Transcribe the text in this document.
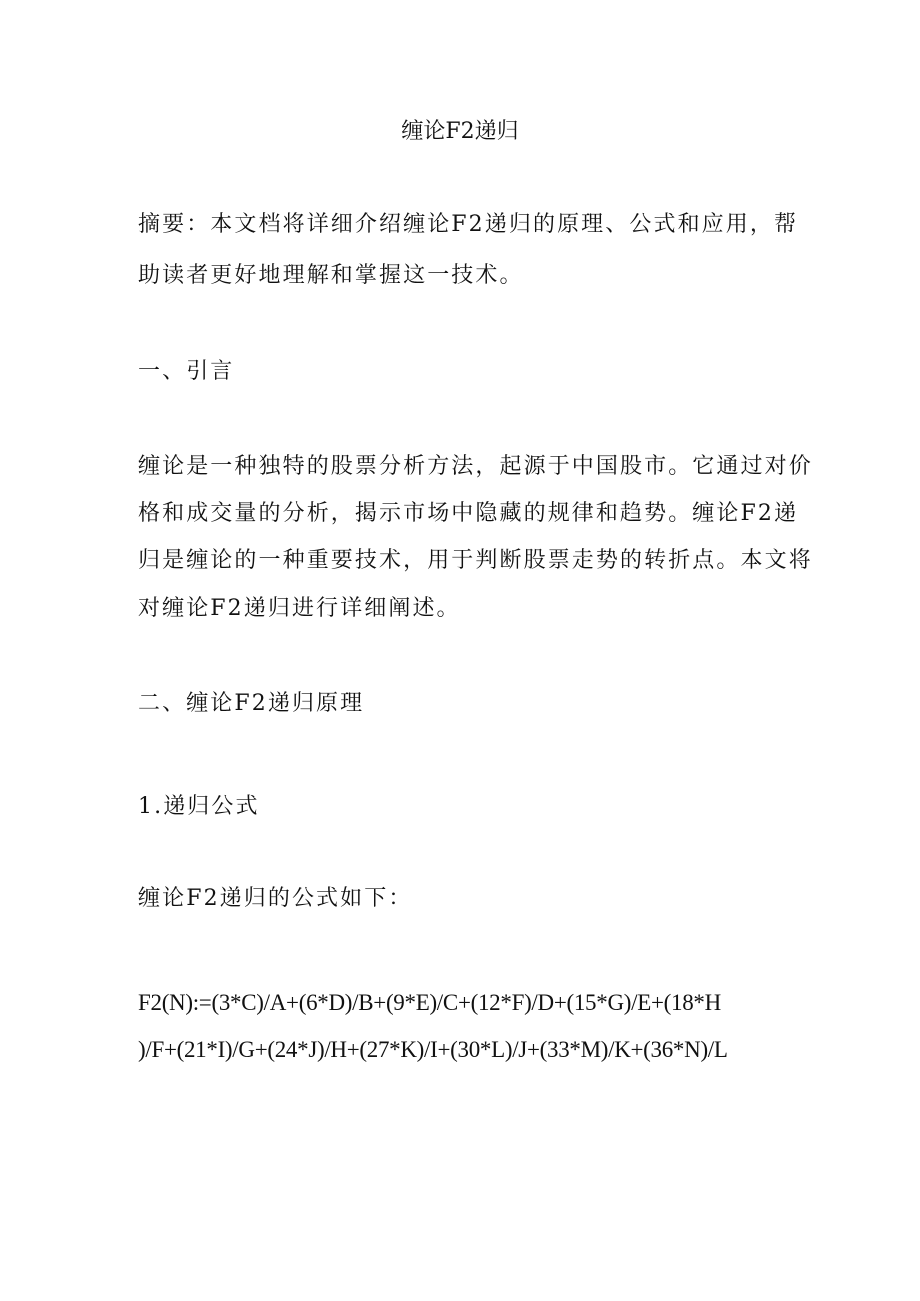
缠论F2递归
摘要：本文档将详细介绍缠论F2递归的原理、公式和应用，帮
助读者更好地理解和掌握这一技术。
一、引言
缠论是一种独特的股票分析方法，起源于中国股市。它通过对价
格和成交量的分析，揭示市场中隐藏的规律和趋势。缠论F2递
归是缠论的一种重要技术，用于判断股票走势的转折点。本文将
对缠论F2递归进行详细阐述。
二、缠论F2递归原理
1.递归公式
缠论F2递归的公式如下：
F2(N):=(3*C)/A+(6*D)/B+(9*E)/C+(12*F)/D+(15*G)/E+(18*H
)/F+(21*I)/G+(24*J)/H+(27*K)/I+(30*L)/J+(33*M)/K+(36*N)/L
